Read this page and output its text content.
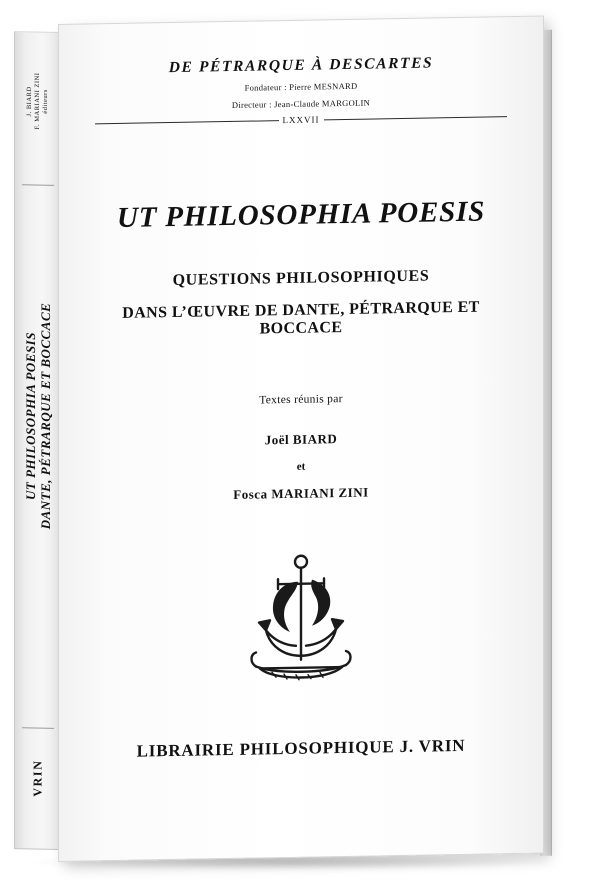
J. BIARD F. MARIANI ZINI éditeurs
UT PHILOSOPHIA POESIS DANTE, PÉTRARQUE ET BOCCACE
VRIN
DE PÉTRARQUE À DESCARTES
Fondateur : Pierre MESNARD
Directeur : Jean-Claude MARGOLIN
LXXVII
UT PHILOSOPHIA POESIS
QUESTIONS PHILOSOPHIQUES
DANS L’ŒUVRE DE DANTE, PÉTRARQUE ET BOCCACE
Textes réunis par
Joël BIARD
et
Fosca MARIANI ZINI
LIBRAIRIE PHILOSOPHIQUE J. VRIN
